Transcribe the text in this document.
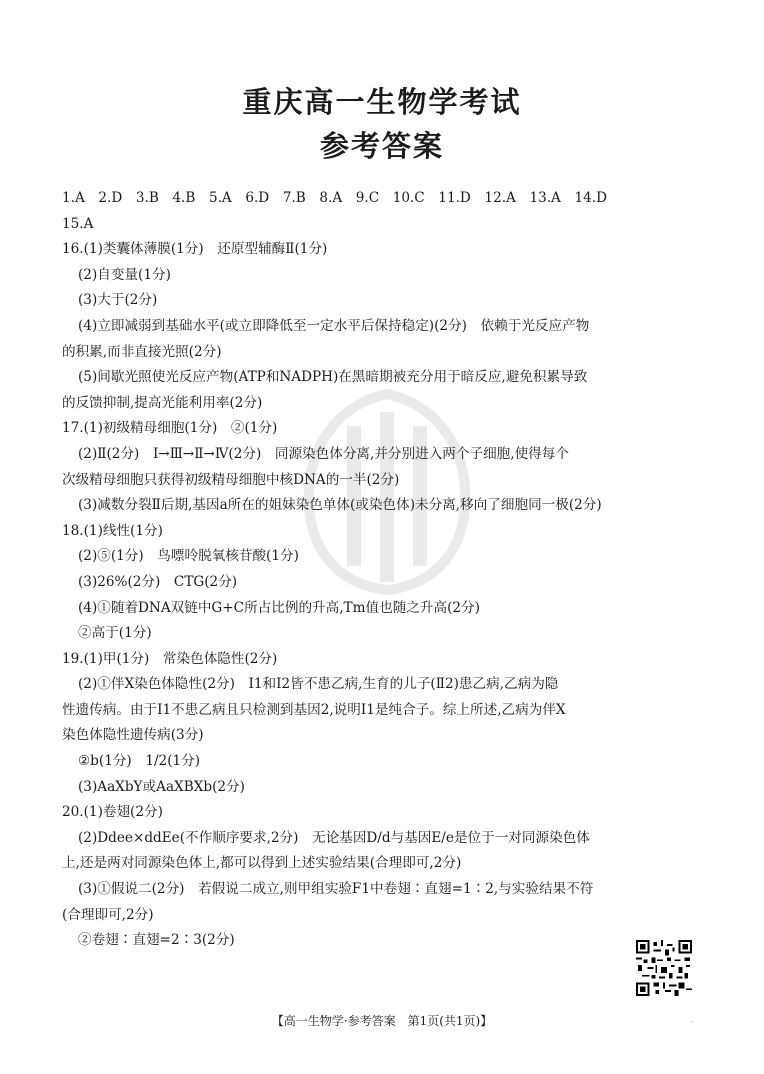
重庆高一生物学考试
参考答案
1.A　2.D　3.B　4.B　5.A　6.D　7.B　8.A　9.C　10.C　11.D　12.A　13.A　14.D
15.A
16.(1)类囊体薄膜(1分)　还原型辅酶Ⅱ(1分)
(2)自变量(1分)
(3)大于(2分)
(4)立即减弱到基础水平(或立即降低至一定水平后保持稳定)(2分)　依赖于光反应产物
的积累,而非直接光照(2分)
(5)间歇光照使光反应产物(ATP和NADPH)在黑暗期被充分用于暗反应,避免积累导致
的反馈抑制,提高光能利用率(2分)
17.(1)初级精母细胞(1分)　②(1分)
(2)Ⅱ(2分)　Ⅰ→Ⅲ→Ⅱ→Ⅳ(2分)　同源染色体分离,并分别进入两个子细胞,使得每个
次级精母细胞只获得初级精母细胞中核DNA的一半(2分)
(3)减数分裂Ⅱ后期,基因a所在的姐妹染色单体(或染色体)未分离,移向了细胞同一极(2分)
18.(1)线性(1分)
(2)⑤(1分)　鸟嘌呤脱氧核苷酸(1分)
(3)26%(2分)　CTG(2分)
(4)①随着DNA双链中G+C所占比例的升高,Tm值也随之升高(2分)
②高于(1分)
19.(1)甲(1分)　常染色体隐性(2分)
(2)①伴X染色体隐性(2分)　Ⅰ1和Ⅰ2皆不患乙病,生育的儿子(Ⅱ2)患乙病,乙病为隐
性遗传病。由于Ⅰ1不患乙病且只检测到基因2,说明Ⅰ1是纯合子。综上所述,乙病为伴X
染色体隐性遗传病(3分)
②b(1分)　1/2(1分)
(3)AaXbY或AaXBXb(2分)
20.(1)卷翅(2分)
(2)Ddee×ddEe(不作顺序要求,2分)　无论基因D/d与基因E/e是位于一对同源染色体
上,还是两对同源染色体上,都可以得到上述实验结果(合理即可,2分)
(3)①假说二(2分)　若假说二成立,则甲组实验F1中卷翅∶直翅=1∶2,与实验结果不符
(合理即可,2分)
②卷翅∶直翅=2∶3(2分)
【高一生物学·参考答案　第1页(共1页)】	··
